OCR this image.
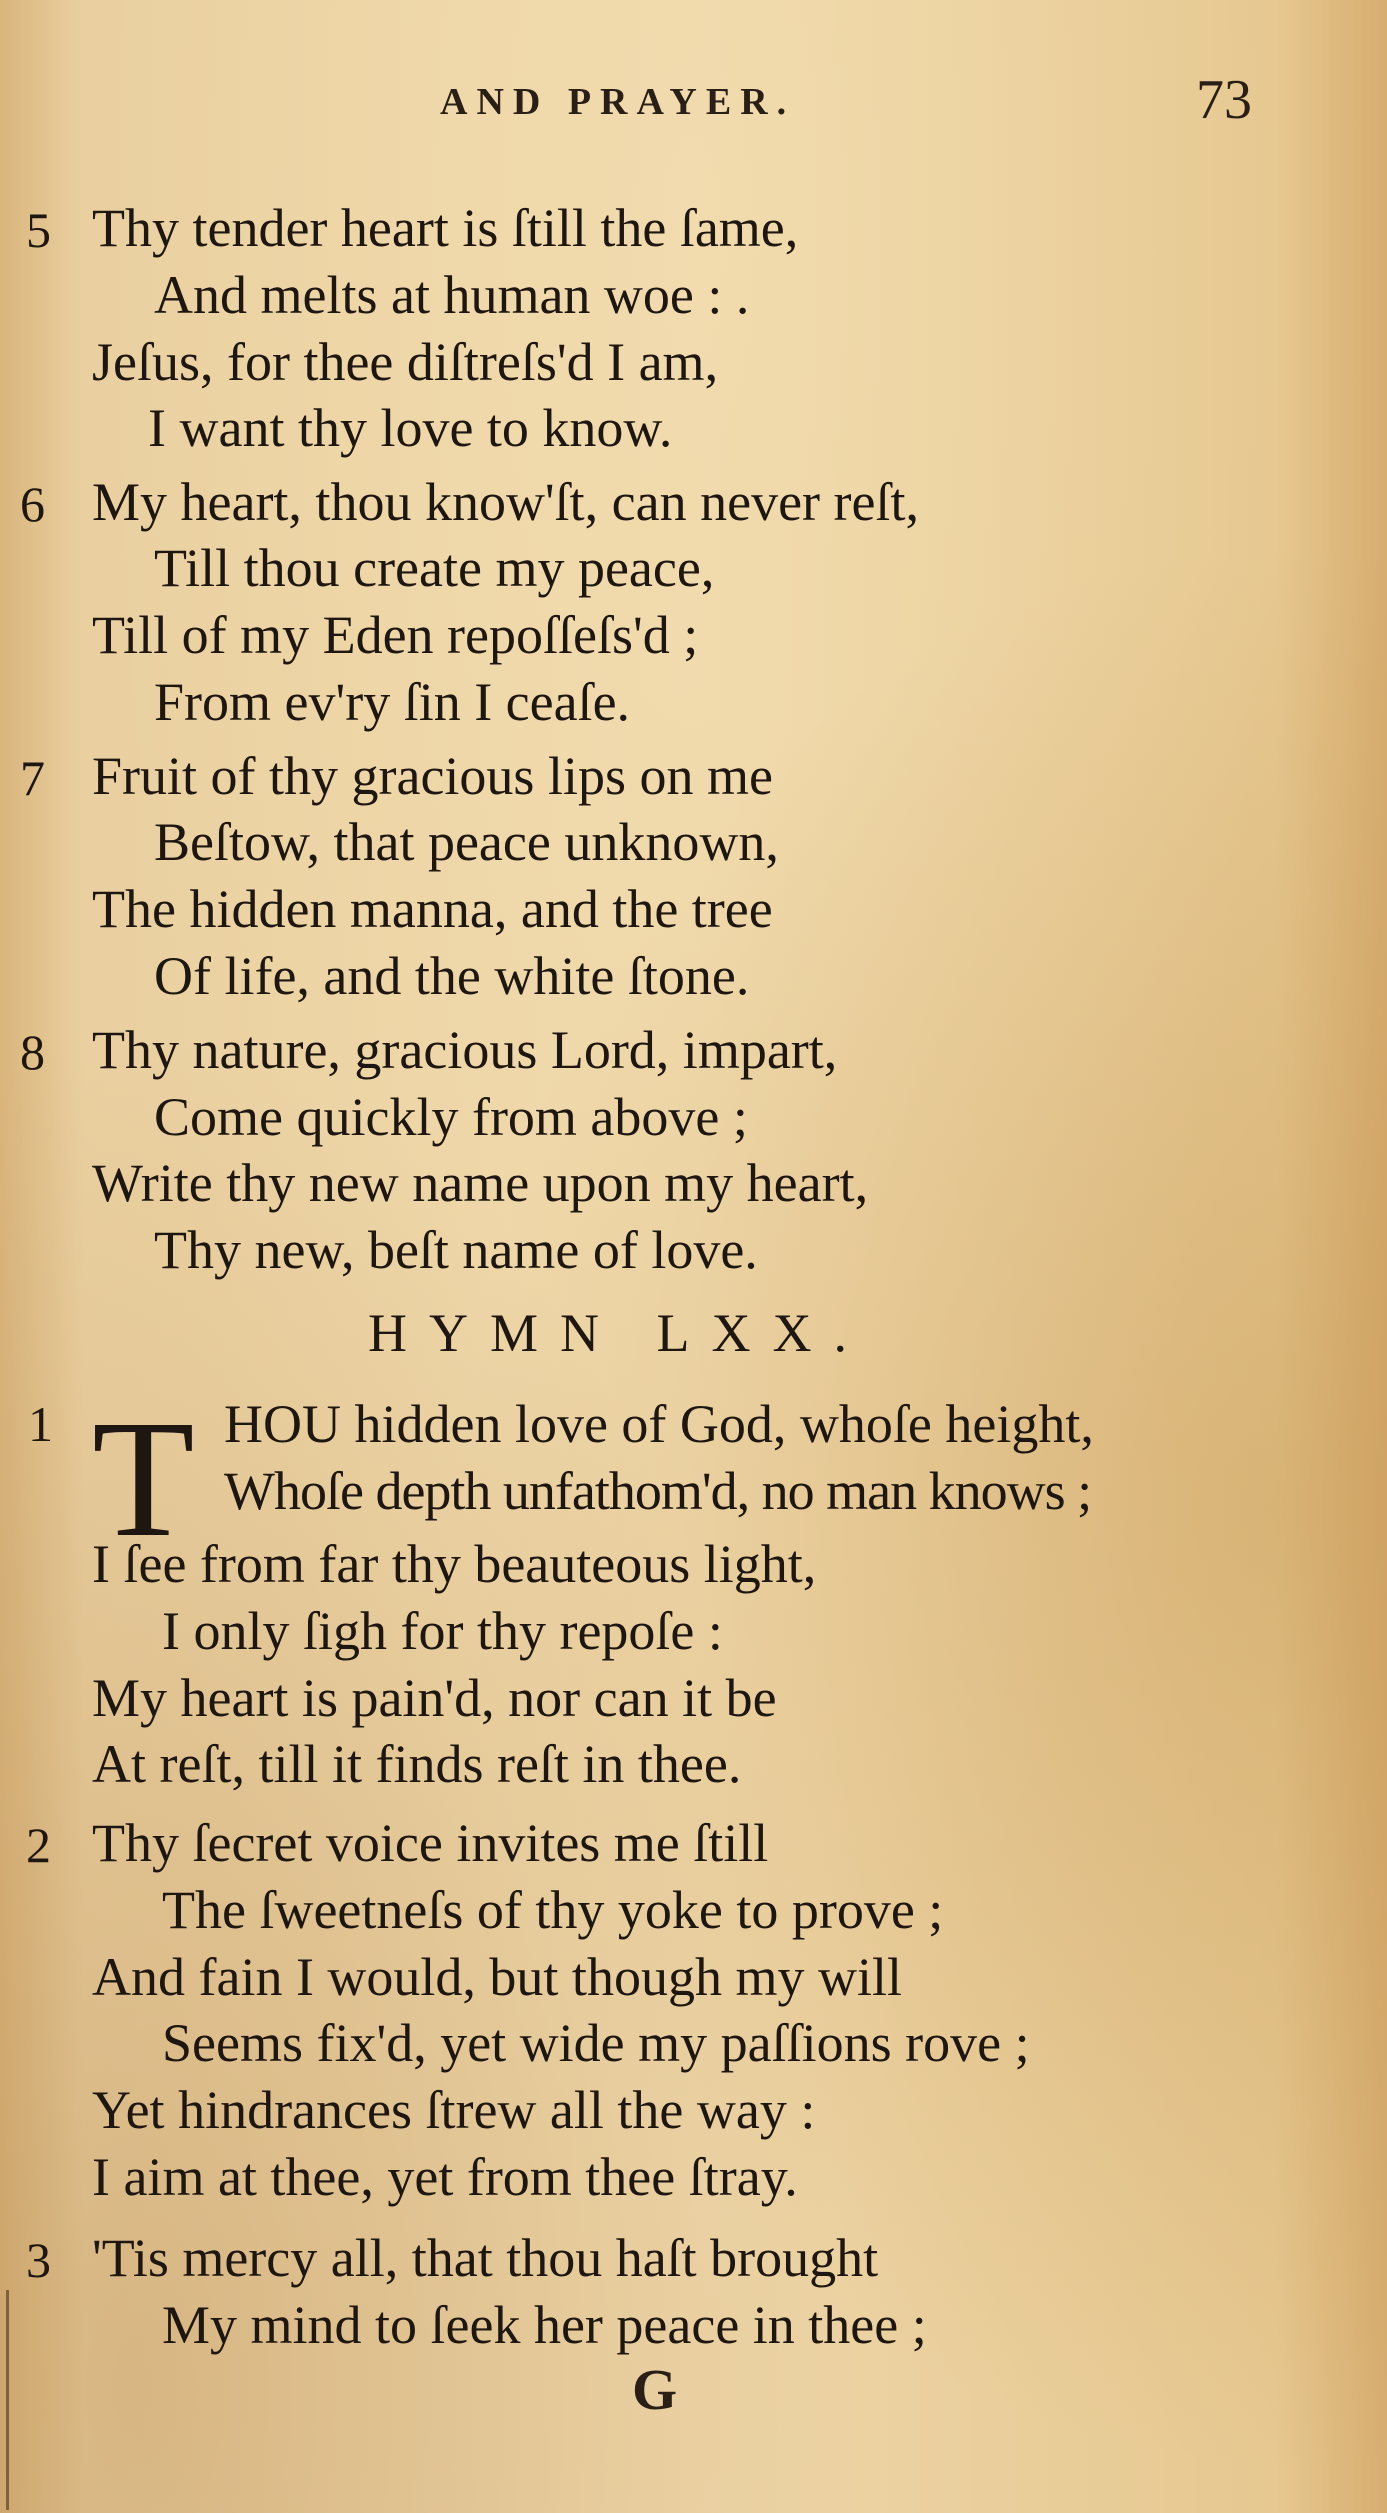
AND PRAYER.	73
5 Thy tender heart is ſtill the ſame,
And melts at human woe : .
Jeſus, for thee diſtreſs'd I am,
I want thy love to know.
6 My heart, thou know'ſt, can never reſt,
Till thou create my peace,
Till of my Eden repoſſeſs'd ;
From ev'ry ſin I ceaſe.
7 Fruit of thy gracious lips on me
Beſtow, that peace unknown,
The hidden manna, and the tree
Of life, and the white ſtone.
8 Thy nature, gracious Lord, impart,
Come quickly from above ;
Write thy new name upon my heart,
Thy new, beſt name of love.
HYMN LXX.
1 T HOU hidden love of God, whoſe height,
Whoſe depth unfathom'd, no man knows ;
I ſee from far thy beauteous light,
I only ſigh for thy repoſe :
My heart is pain'd, nor can it be
At reſt, till it finds reſt in thee.
2 Thy ſecret voice invites me ſtill
The ſweetneſs of thy yoke to prove ;
And fain I would, but though my will
Seems fix'd, yet wide my paſſions rove ;
Yet hindrances ſtrew all the way :
I aim at thee, yet from thee ſtray.
3 'Tis mercy all, that thou haſt brought
My mind to ſeek her peace in thee ;
G
